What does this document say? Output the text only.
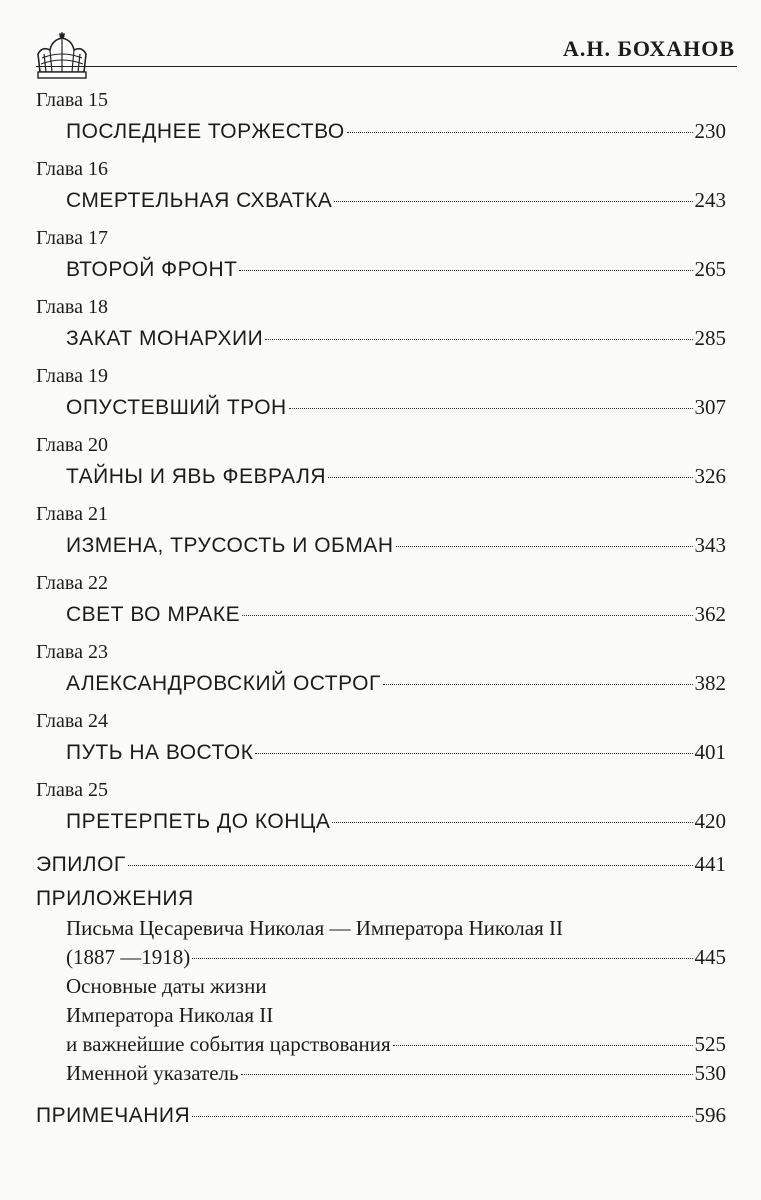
А.Н. БОХАНОВ
Глава 15
ПОСЛЕДНЕЕ ТОРЖЕСТВО	230
Глава 16
СМЕРТЕЛЬНАЯ СХВАТКА	243
Глава 17
ВТОРОЙ ФРОНТ	265
Глава 18
ЗАКАТ МОНАРХИИ	285
Глава 19
ОПУСТЕВШИЙ ТРОН	307
Глава 20
ТАЙНЫ И ЯВЬ ФЕВРАЛЯ	326
Глава 21
ИЗМЕНА, ТРУСОСТЬ И ОБМАН	343
Глава 22
СВЕТ ВО МРАКЕ	362
Глава 23
АЛЕКСАНДРОВСКИЙ ОСТРОГ	382
Глава 24
ПУТЬ НА ВОСТОК	401
Глава 25
ПРЕТЕРПЕТЬ ДО КОНЦА	420
ЭПИЛОГ	441
ПРИЛОЖЕНИЯ
Письма Цесаревича Николая — Императора Николая II
(1887 —1918)	445
Основные даты жизни
Императора Николая II
и важнейшие события царствования	525
Именной указатель	530
ПРИМЕЧАНИЯ	596
